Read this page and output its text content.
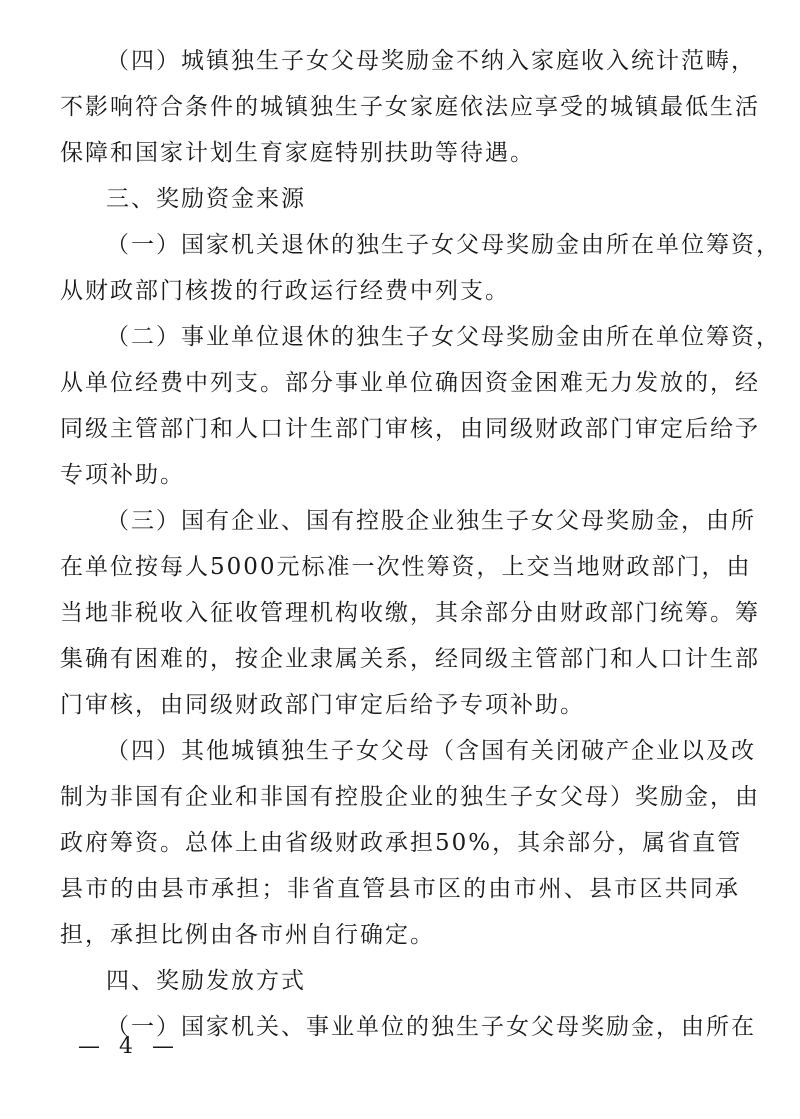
（四）城镇独生子女父母奖励金不纳入家庭收入统计范畴，
不影响符合条件的城镇独生子女家庭依法应享受的城镇最低生活
保障和国家计划生育家庭特别扶助等待遇。
三、奖励资金来源
（一）国家机关退休的独生子女父母奖励金由所在单位筹资，
从财政部门核拨的行政运行经费中列支。
（二）事业单位退休的独生子女父母奖励金由所在单位筹资，
从单位经费中列支。部分事业单位确因资金困难无力发放的，经
同级主管部门和人口计生部门审核，由同级财政部门审定后给予
专项补助。
（三）国有企业、国有控股企业独生子女父母奖励金，由所
在单位按每人5000元标准一次性筹资，上交当地财政部门，由
当地非税收入征收管理机构收缴，其余部分由财政部门统筹。筹
集确有困难的，按企业隶属关系，经同级主管部门和人口计生部
门审核，由同级财政部门审定后给予专项补助。
（四）其他城镇独生子女父母（含国有关闭破产企业以及改
制为非国有企业和非国有控股企业的独生子女父母）奖励金，由
政府筹资。总体上由省级财政承担50%，其余部分，属省直管
县市的由县市承担；非省直管县市区的由市州、县市区共同承
担，承担比例由各市州自行确定。
四、奖励发放方式
（一）国家机关、事业单位的独生子女父母奖励金，由所在
— 4 —
